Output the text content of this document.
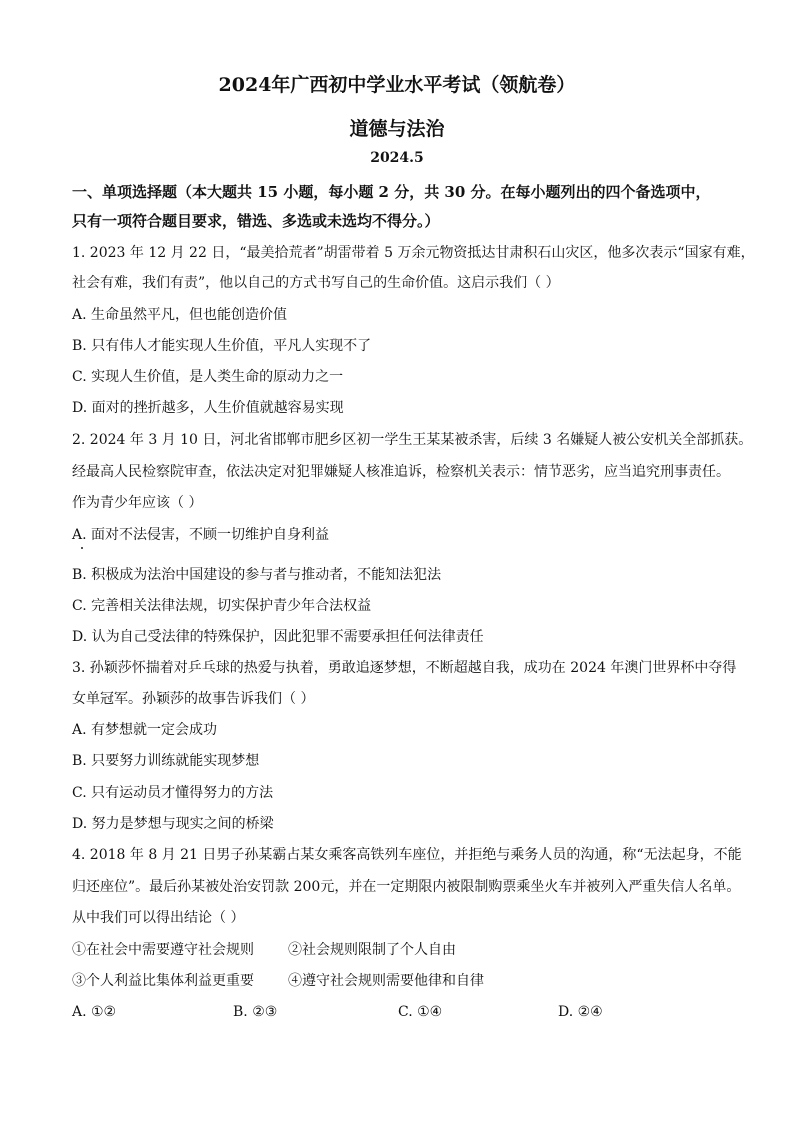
2024年广西初中学业水平考试（领航卷）
道德与法治
2024.5
一、单项选择题（本大题共 15 小题，每小题 2 分，共 30 分。在每小题列出的四个备选项中，
只有一项符合题目要求，错选、多选或未选均不得分。）
1. 2023 年 12 月 22 日，“最美拾荒者”胡雷带着 5 万余元物资抵达甘肃积石山灾区，他多次表示“国家有难，
社会有难，我们有责”，他以自己的方式书写自己的生命价值。这启示我们（ ）
A. 生命虽然平凡，但也能创造价值
B. 只有伟人才能实现人生价值，平凡人实现不了
C. 实现人生价值，是人类生命的原动力之一
D. 面对的挫折越多，人生价值就越容易实现
2. 2024 年 3 月 10 日，河北省邯郸市肥乡区初一学生王某某被杀害，后续 3 名嫌疑人被公安机关全部抓获。
经最高人民检察院审查，依法决定对犯罪嫌疑人核准追诉，检察机关表示：情节恶劣，应当追究刑事责任。
作为青少年应该（ ）
A. 面对不法侵害，不顾一切维护自身利益
B. 积极成为法治中国建设的参与者与推动者，不能知法犯法
C. 完善相关法律法规，切实保护青少年合法权益
D. 认为自己受法律的特殊保护，因此犯罪不需要承担任何法律责任
3. 孙颖莎怀揣着对乒乓球的热爱与执着，勇敢追逐梦想，不断超越自我，成功在 2024 年澳门世界杯中夺得
女单冠军。孙颖莎的故事告诉我们（ ）
A. 有梦想就一定会成功
B. 只要努力训练就能实现梦想
C. 只有运动员才懂得努力的方法
D. 努力是梦想与现实之间的桥梁
4. 2018 年 8 月 21 日男子孙某霸占某女乘客高铁列车座位，并拒绝与乘务人员的沟通，称“无法起身，不能
归还座位”。最后孙某被处治安罚款 200元，并在一定期限内被限制购票乘坐火车并被列入严重失信人名单。
从中我们可以得出结论（ ）
①在社会中需要遵守社会规则 ②社会规则限制了个人自由
③个人利益比集体利益更重要 ④遵守社会规则需要他律和自律
A. ①②	B. ②③	C. ①④	D. ②④
